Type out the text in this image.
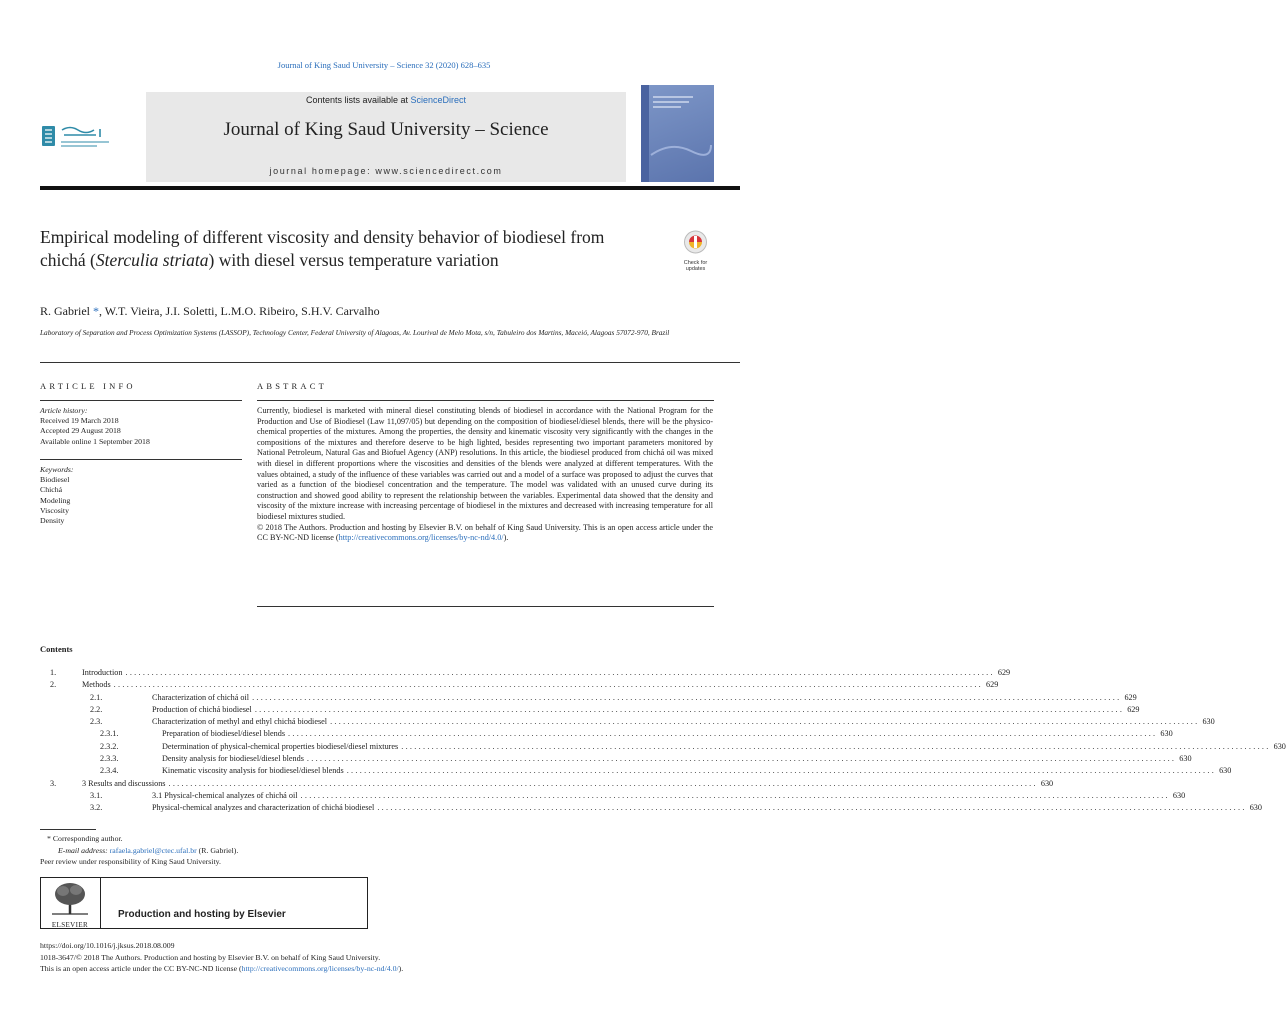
Journal of King Saud University – Science 32 (2020) 628–635
Contents lists available at ScienceDirect
Journal of King Saud University – Science
journal homepage: www.sciencedirect.com
Empirical modeling of different viscosity and density behavior of biodiesel from chichá (Sterculia striata) with diesel versus temperature variation	Check for
updates
R. Gabriel *, W.T. Vieira, J.I. Soletti, L.M.O. Ribeiro, S.H.V. Carvalho
Laboratory of Separation and Process Optimization Systems (LASSOP), Technology Center, Federal University of Alagoas, Av. Lourival de Melo Mota, s/n, Tabuleiro dos Martins, Maceió, Alagoas 57072-970, Brazil
ARTICLE INFO
Article history:
Received 19 March 2018
Accepted 29 August 2018
Available online 1 September 2018
Keywords:
Biodiesel
Chichá
Modeling
Viscosity
Density
ABSTRACT
Currently, biodiesel is marketed with mineral diesel constituting blends of biodiesel in accordance with the National Program for the Production and Use of Biodiesel (Law 11,097/05) but depending on the composition of biodiesel/diesel blends, there will be the physico-chemical properties of the mixtures. Among the properties, the density and kinematic viscosity very significantly with the changes in the compositions of the mixtures and therefore deserve to be high lighted, besides representing two important parameters monitored by National Petroleum, Natural Gas and Biofuel Agency (ANP) resolutions. In this article, the biodiesel produced from chichá oil was mixed with diesel in different proportions where the viscosities and densities of the blends were analyzed at different temperatures. With the values obtained, a study of the influence of these variables was carried out and a model of a surface was proposed to adjust the curves that varied as a function of the biodiesel concentration and the temperature. The model was validated with an unused curve during its construction and showed good ability to represent the relationship between the variables. Experimental data showed that the density and viscosity of the mixture increase with increasing percentage of biodiesel in the mixtures and decreased with increasing temperature for all biodiesel mixtures studied.
© 2018 The Authors. Production and hosting by Elsevier B.V. on behalf of King Saud University. This is an open access article under the CC BY-NC-ND license (http://creativecommons.org/licenses/by-nc-nd/4.0/).
Contents
1.	Introduction ........................................................................................................................................................................................................ 629
2.	Methods ........................................................................................................................................................................................................ 629
2.1.	Characterization of chichá oil ........................................................................................................................................................................................................ 629
2.2.	Production of chichá biodiesel ........................................................................................................................................................................................................ 629
2.3.	Characterization of methyl and ethyl chichá biodiesel ........................................................................................................................................................................................................ 630
2.3.1.	Preparation of biodiesel/diesel blends ........................................................................................................................................................................................................ 630
2.3.2.	Determination of physical-chemical properties biodiesel/diesel mixtures ........................................................................................................................................................................................................ 630
2.3.3.	Density analysis for biodiesel/diesel blends ........................................................................................................................................................................................................ 630
2.3.4.	Kinematic viscosity analysis for biodiesel/diesel blends ........................................................................................................................................................................................................ 630
3.	3 Results and discussions ........................................................................................................................................................................................................ 630
3.1.	3.1 Physical-chemical analyzes of chichá oil ........................................................................................................................................................................................................ 630
3.2.	Physical-chemical analyzes and characterization of chichá biodiesel ........................................................................................................................................................................................................ 630
* Corresponding author.
E-mail address: rafaela.gabriel@ctec.ufal.br (R. Gabriel).
Peer review under responsibility of King Saud University.
ELSEVIER
Production and hosting by Elsevier
https://doi.org/10.1016/j.jksus.2018.08.009
1018-3647/© 2018 The Authors. Production and hosting by Elsevier B.V. on behalf of King Saud University.
This is an open access article under the CC BY-NC-ND license (http://creativecommons.org/licenses/by-nc-nd/4.0/).
